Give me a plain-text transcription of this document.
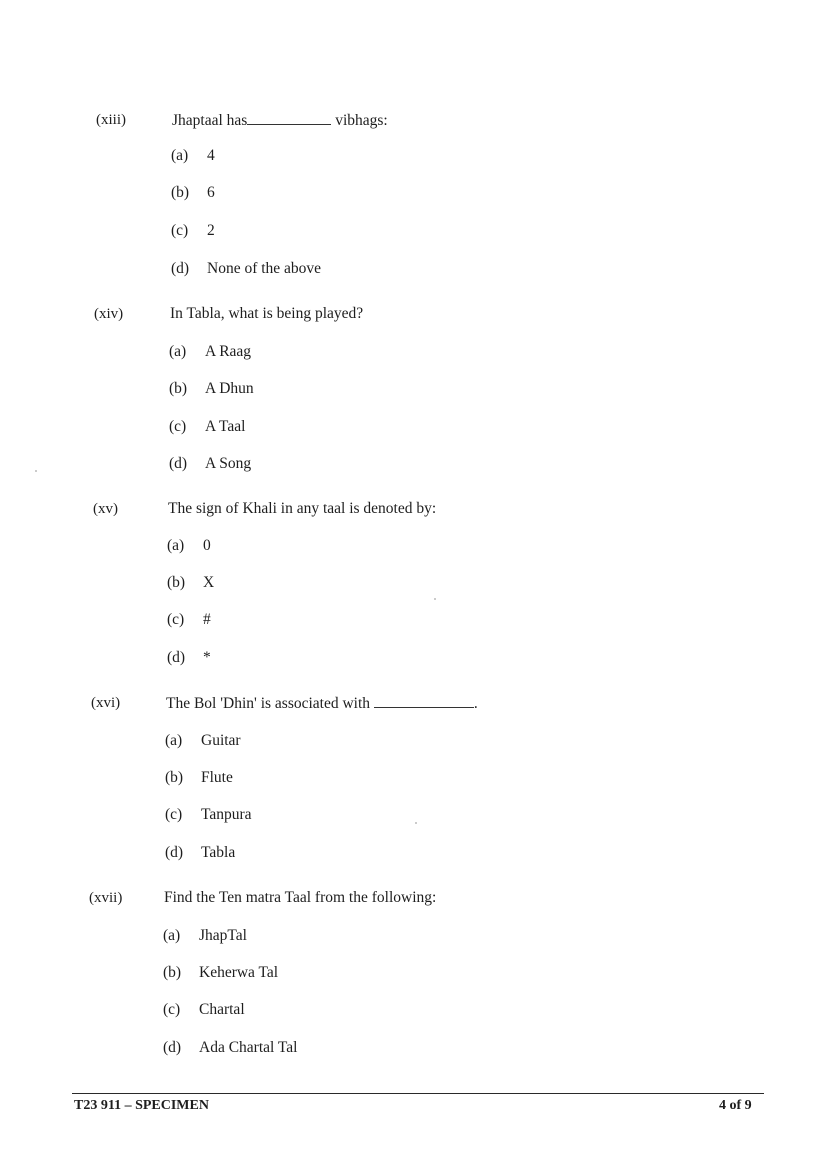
(xiii)	Jhaptaal has	vibhags:
(a) 4
(b) 6
(c) 2
(d) None of the above
(xiv)	In Tabla, what is being played?
(a) A Raag
(b) A Dhun
(c) A Taal
(d) A Song
(xv)	The sign of Khali in any taal is denoted by:
(a) 0
(b) X
(c) #
(d) *
(xvi)	The Bol 'Dhin' is associated with	.
(a) Guitar
(b) Flute
(c) Tanpura
(d) Tabla
(xvii)	Find the Ten matra Taal from the following:
(a) JhapTal
(b) Keherwa Tal
(c) Chartal
(d) Ada Chartal Tal
T23 911 – SPECIMEN	4 of 9
